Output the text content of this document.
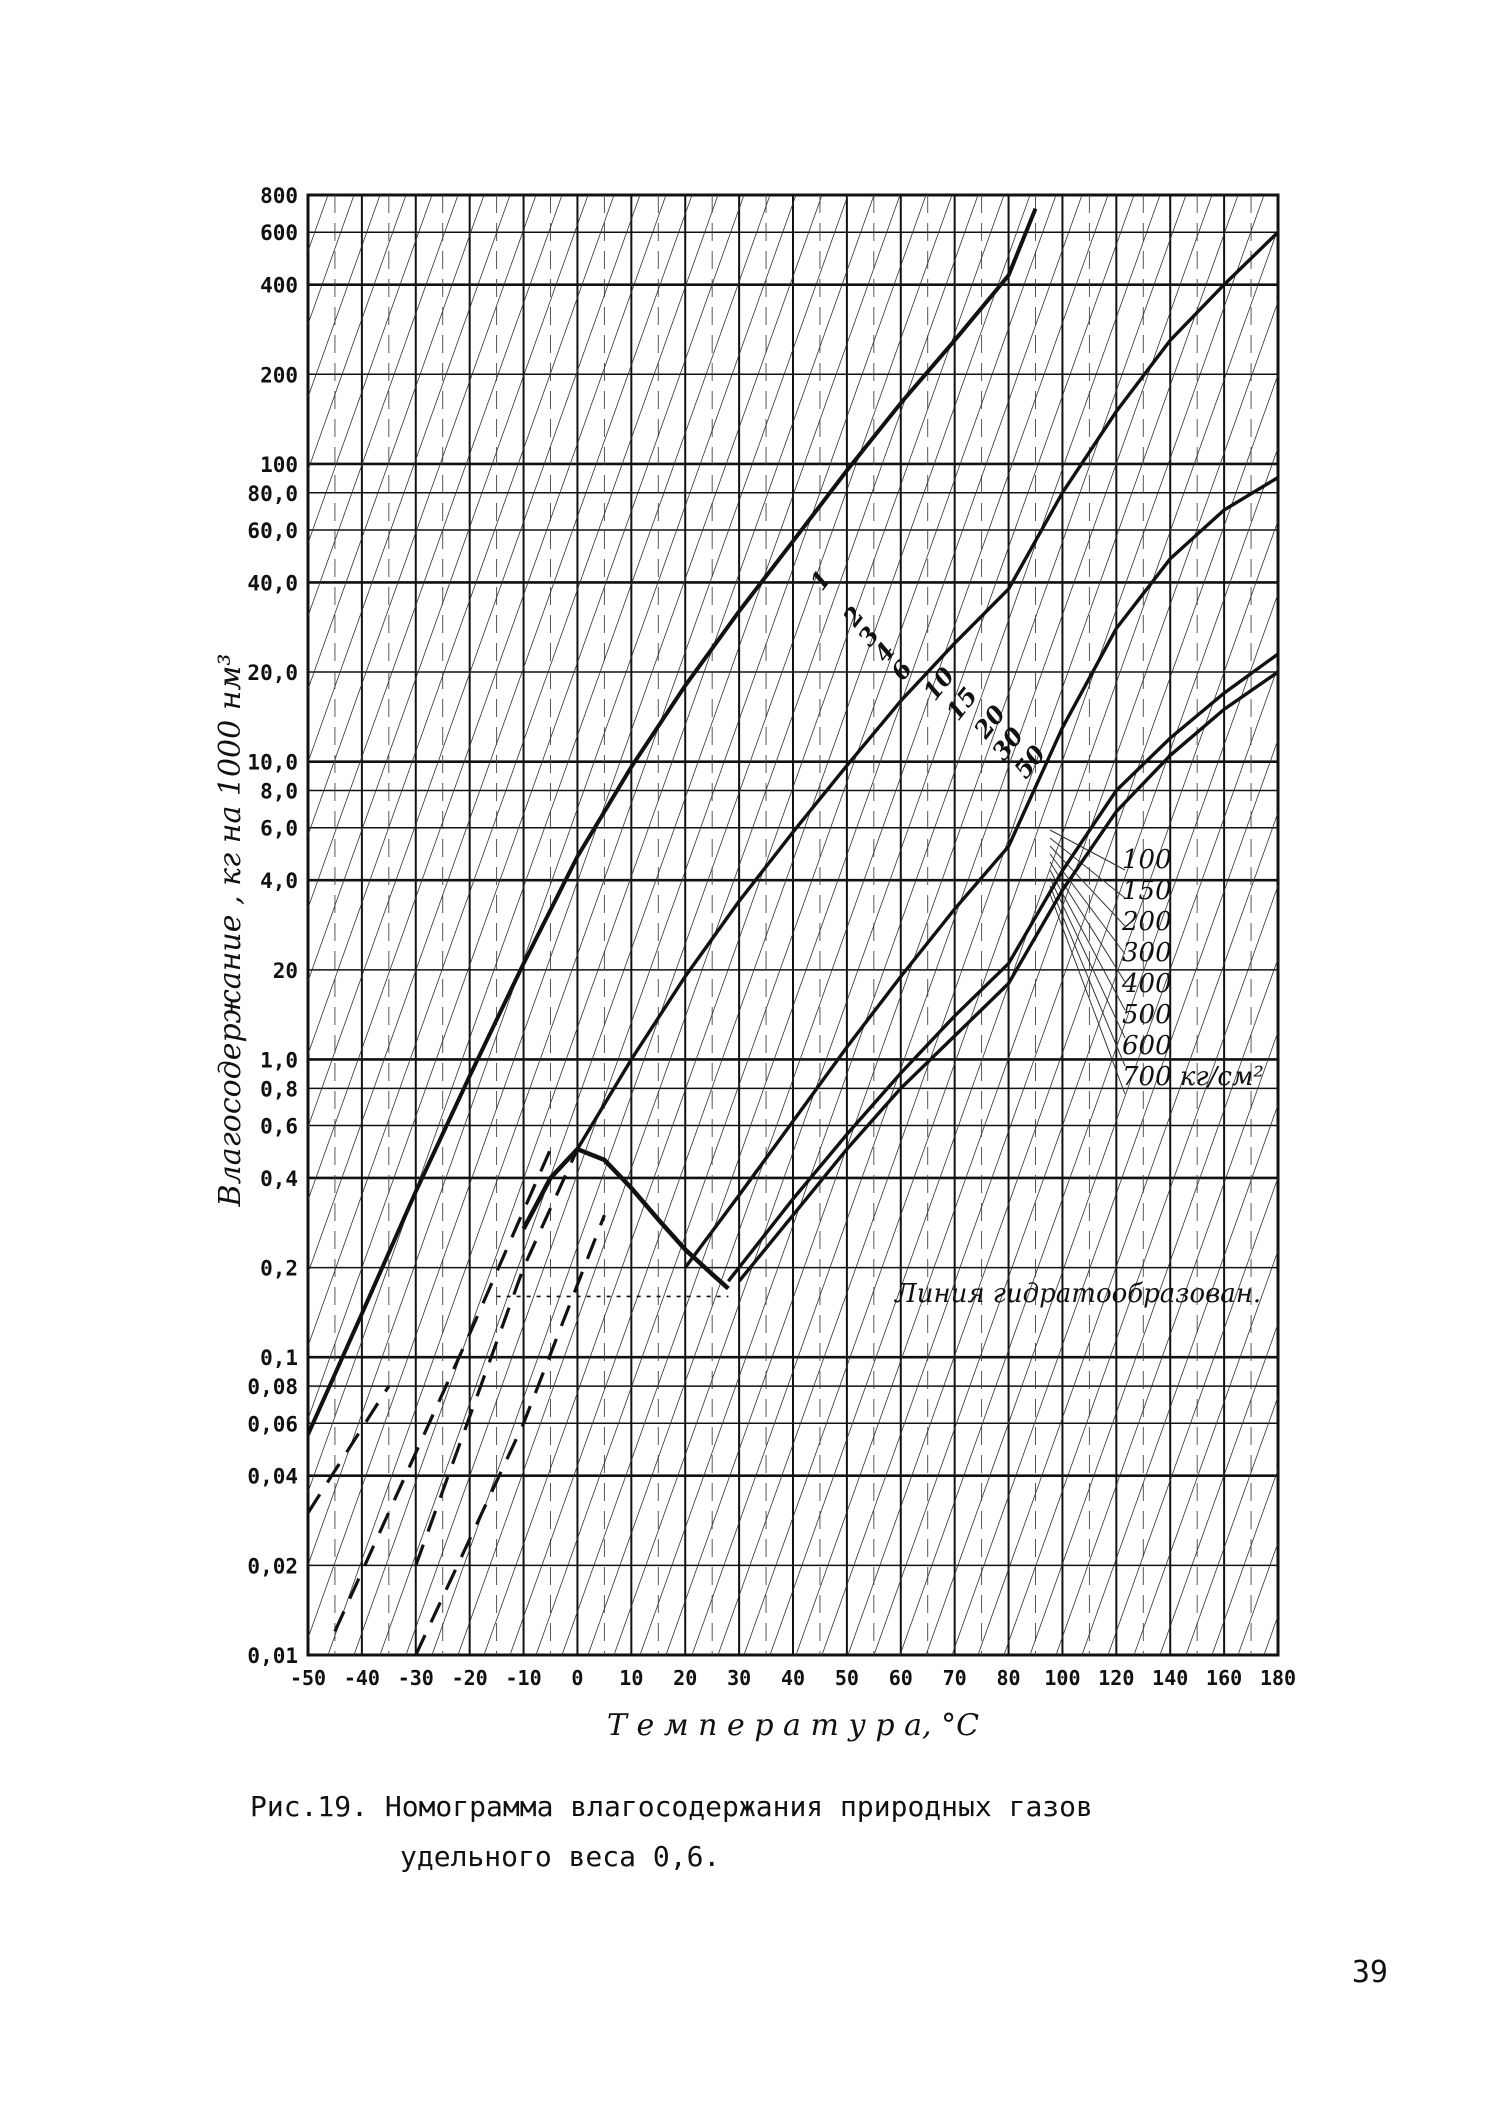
800
600
400
200
100
80,0
60,0
40,0
20,0
10,0
8,0
6,0
4,0
20
1,0
0,8
0,6
0,4
0,2
0,1
0,08
0,06
0,04
0,02
0,01
-50 -40 -30 -20 -10 0 10 20 30 40 50 60 70 80 100 120 140 160 180
Т е м п е р а т у р а, °С
Влагосодержание , кг на 1000 нм³
1
2
3
4
6
10
15
20
30
50
100
150
200
300
400
500
600
700 кг/см²
Линия гидратообразован.
Рис.19. Номограмма влагосодержания природных газов
удельного веса 0,6.
39
